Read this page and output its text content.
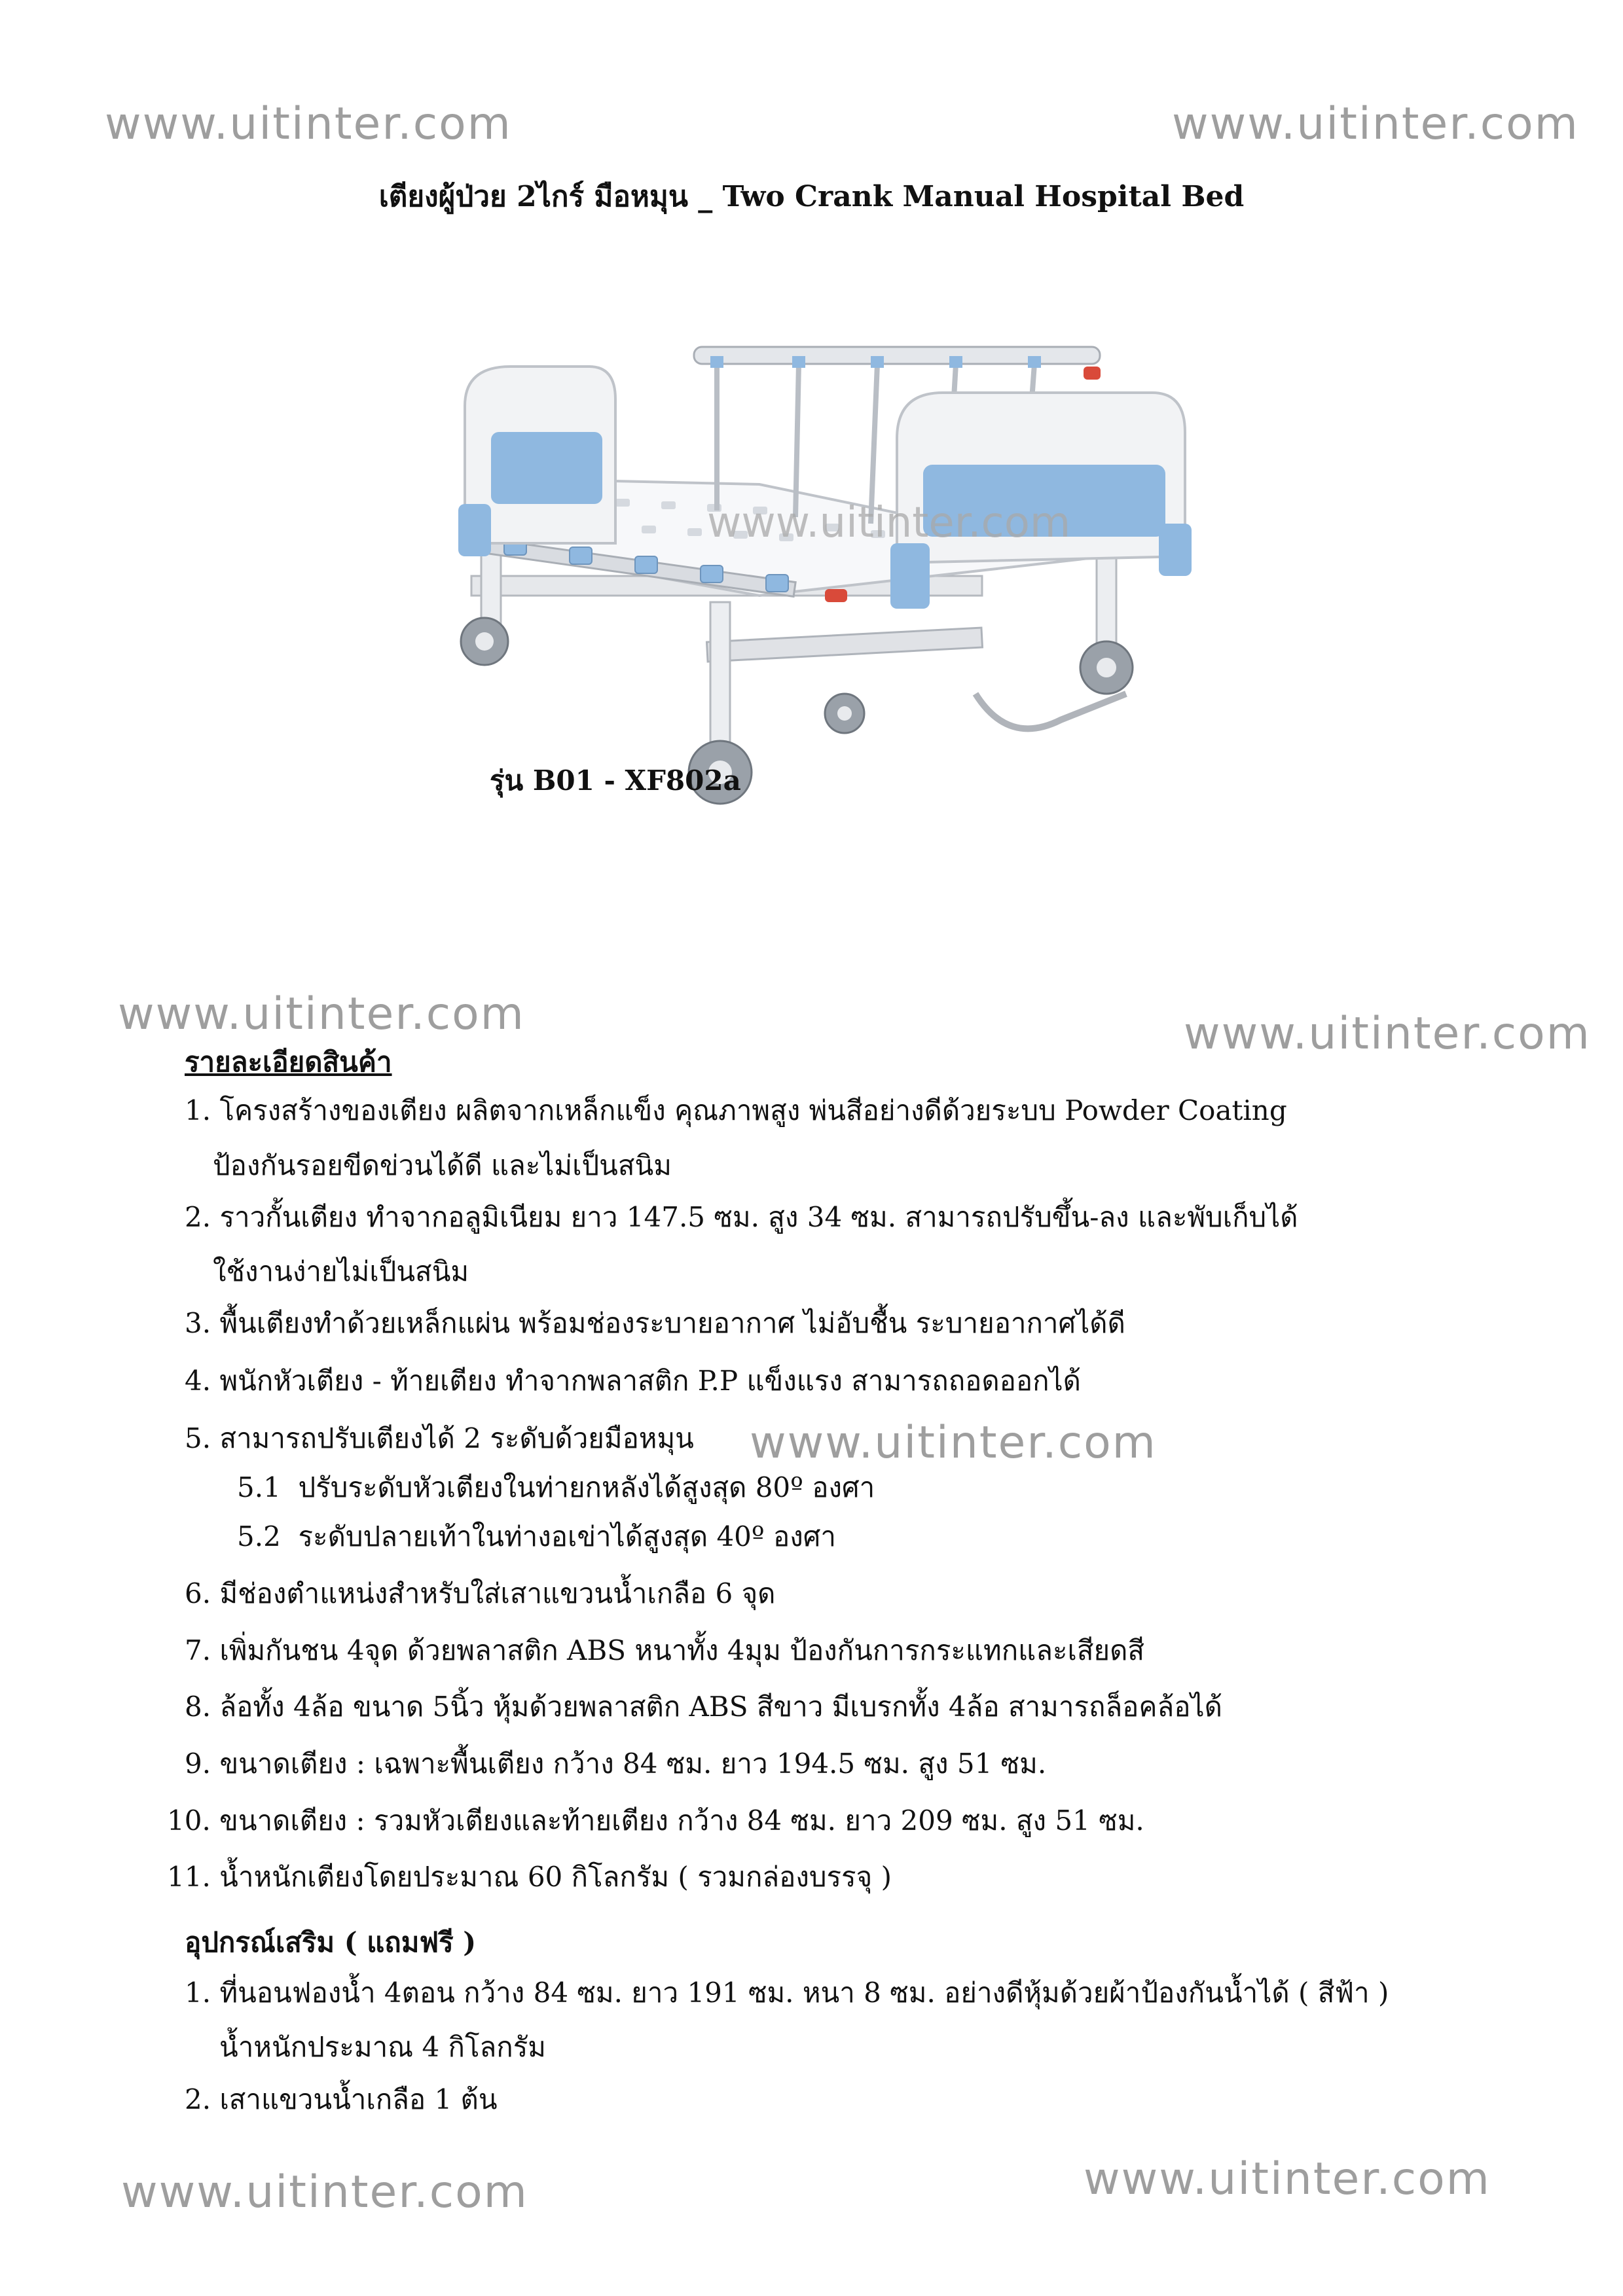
www.uitinter.com	www.uitinter.com
www.uitinter.com	www.uitinter.com
www.uitinter.com
www.uitinter.com	www.uitinter.com
เตียงผู้ป่วย 2ไกร์ มือหมุน _ Two Crank Manual Hospital Bed
www.uitinter.com
รุ่น B01 - XF802a
รายละเอียดสินค้า
1. โครงสร้างของเตียง ผลิตจากเหล็กแข็ง คุณภาพสูง พ่นสีอย่างดีด้วยระบบ Powder Coating
ป้องกันรอยขีดข่วนได้ดี และไม่เป็นสนิม
2. ราวกั้นเตียง ทำจากอลูมิเนียม ยาว 147.5 ซม. สูง 34 ซม. สามารถปรับขึ้น-ลง และพับเก็บได้
ใช้งานง่ายไม่เป็นสนิม
3. พื้นเตียงทำด้วยเหล็กแผ่น พร้อมช่องระบายอากาศ ไม่อับชื้น ระบายอากาศได้ดี
4. พนักหัวเตียง - ท้ายเตียง ทำจากพลาสติก P.P แข็งแรง สามารถถอดออกได้
5. สามารถปรับเตียงได้ 2 ระดับด้วยมือหมุน
5.1 ปรับระดับหัวเตียงในท่ายกหลังได้สูงสุด 80º องศา
5.2 ระดับปลายเท้าในท่างอเข่าได้สูงสุด 40º องศา
6. มีช่องตำแหน่งสำหรับใส่เสาแขวนน้ำเกลือ 6 จุด
7. เพิ่มกันชน 4จุด ด้วยพลาสติก ABS หนาทั้ง 4มุม ป้องกันการกระแทกและเสียดสี
8. ล้อทั้ง 4ล้อ ขนาด 5นิ้ว หุ้มด้วยพลาสติก ABS สีขาว มีเบรกทั้ง 4ล้อ สามารถล็อคล้อได้
9. ขนาดเตียง : เฉพาะพื้นเตียง กว้าง 84 ซม. ยาว 194.5 ซม. สูง 51 ซม.
10. ขนาดเตียง : รวมหัวเตียงและท้ายเตียง กว้าง 84 ซม. ยาว 209 ซม. สูง 51 ซม.
11. น้ำหนักเตียงโดยประมาณ 60 กิโลกรัม ( รวมกล่องบรรจุ )
อุปกรณ์เสริม ( แถมฟรี )
1. ที่นอนฟองน้ำ 4ตอน กว้าง 84 ซม. ยาว 191 ซม. หนา 8 ซม. อย่างดีหุ้มด้วยผ้าป้องกันน้ำได้ ( สีฟ้า )
น้ำหนักประมาณ 4 กิโลกรัม
2. เสาแขวนน้ำเกลือ 1 ต้น
